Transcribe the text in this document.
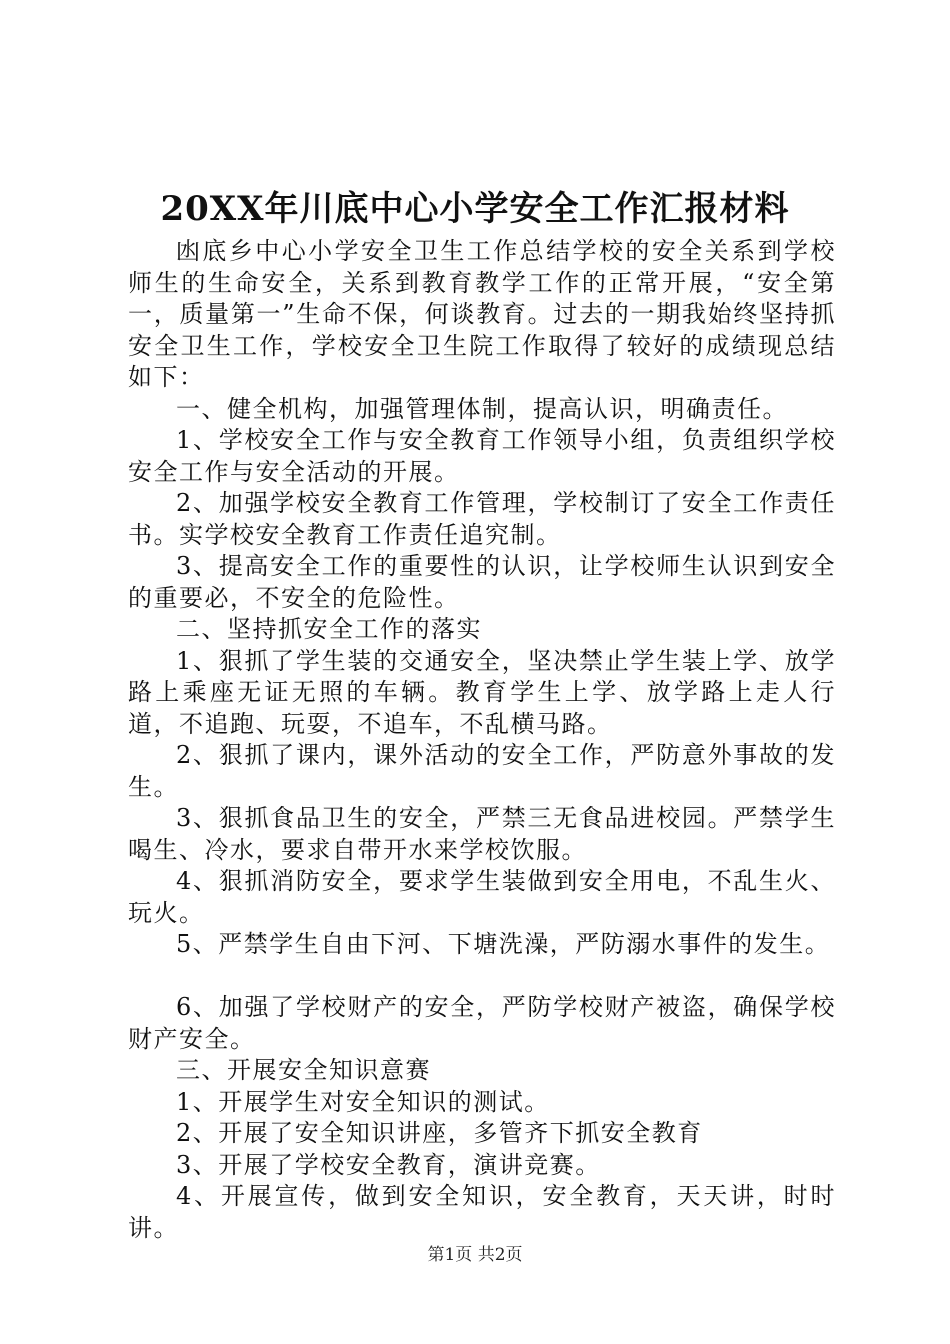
20XX年川底中心小学安全工作汇报材料

凼底乡中心小学安全卫生工作总结学校的安全关系到学校师生的生命安全，关系到教育教学工作的正常开展，“安全第一，质量第一”生命不保，何谈教育。过去的一期我始终坚持抓安全卫生工作，学校安全卫生院工作取得了较好的成绩现总结如下：

一、健全机构，加强管理体制，提高认识，明确责任。

1、学校安全工作与安全教育工作领导小组，负责组织学校安全工作与安全活动的开展。

2、加强学校安全教育工作管理，学校制订了安全工作责任书。实学校安全教育工作责任追究制。

3、提高安全工作的重要性的认识，让学校师生认识到安全的重要必，不安全的危险性。

二、坚持抓安全工作的落实

1、狠抓了学生装的交通安全，坚决禁止学生装上学、放学路上乘座无证无照的车辆。教育学生上学、放学路上走人行道，不追跑、玩耍，不追车，不乱横马路。

2、狠抓了课内，课外活动的安全工作，严防意外事故的发生。

3、狠抓食品卫生的安全，严禁三无食品进校园。严禁学生喝生、冷水，要求自带开水来学校饮服。

4、狠抓消防安全，要求学生装做到安全用电，不乱生火、玩火。

5、严禁学生自由下河、下塘洗澡，严防溺水事件的发生。

6、加强了学校财产的安全，严防学校财产被盗，确保学校财产安全。

三、开展安全知识意赛

1、开展学生对安全知识的测试。

2、开展了安全知识讲座，多管齐下抓安全教育

3、开展了学校安全教育，演讲竞赛。

4、开展宣传，做到安全知识，安全教育，天天讲，时时讲。

第1页 共2页
